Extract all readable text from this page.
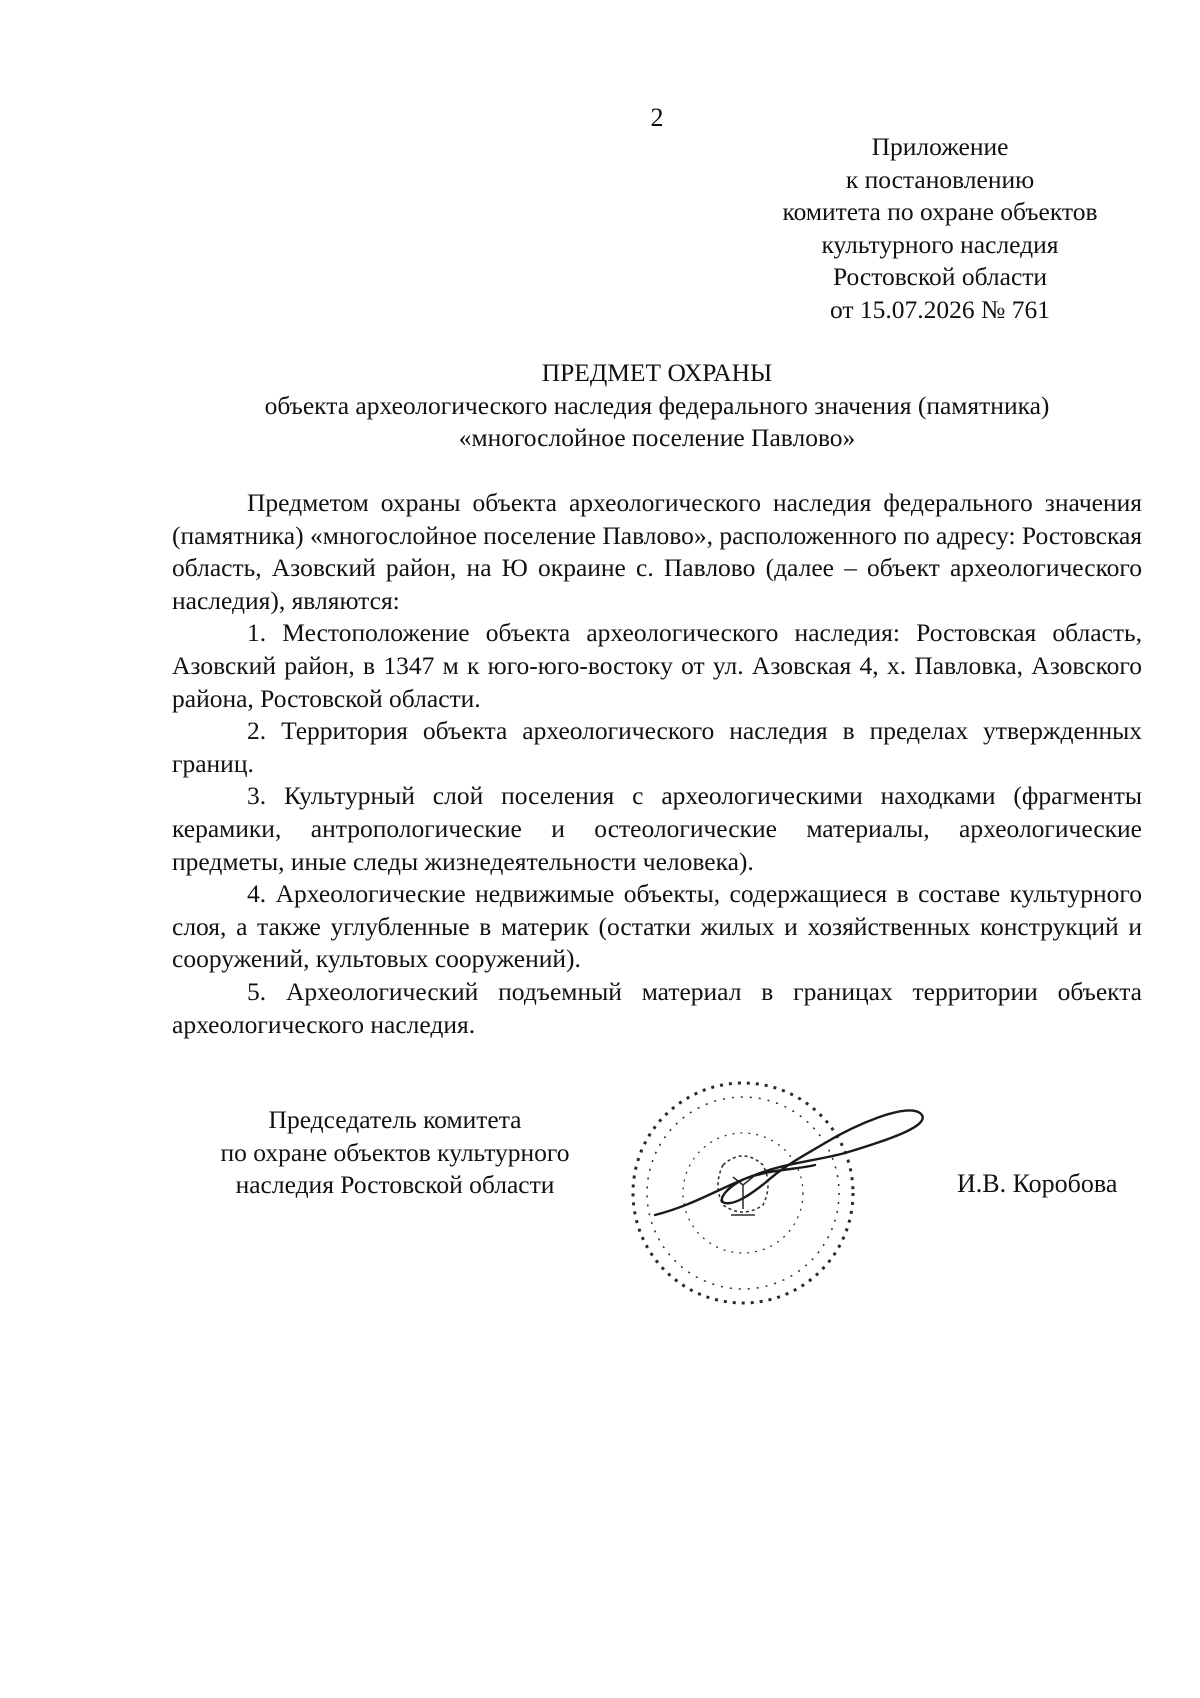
2
Приложение
к постановлению
комитета по охране объектов
культурного наследия
Ростовской области
от 15.07.2026 № 761
ПРЕДМЕТ ОХРАНЫ
объекта археологического наследия федерального значения (памятника)
«многослойное поселение Павлово»

Предметом охраны объекта археологического наследия федерального значения (памятника) «многослойное поселение Павлово», расположенного по адресу: Ростовская область, Азовский район, на Ю окраине с. Павлово (далее – объект археологического наследия), являются:

1. Местоположение объекта археологического наследия: Ростовская область, Азовский район, в 1347 м к юго-юго-востоку от ул. Азовская 4, х. Павловка, Азовского района, Ростовской области.

2. Территория объекта археологического наследия в пределах утвержденных границ.

3. Культурный слой поселения с археологическими находками (фрагменты керамики, антропологические и остеологические материалы, археологические предметы, иные следы жизнедеятельности человека).

4. Археологические недвижимые объекты, содержащиеся в составе культурного слоя, а также углубленные в материк (остатки жилых и хозяйственных конструкций и сооружений, культовых сооружений).

5. Археологический подъемный материал в границах территории объекта археологического наследия.

Председатель комитета
по охране объектов культурного
наследия Ростовской области	И.В. Коробова
